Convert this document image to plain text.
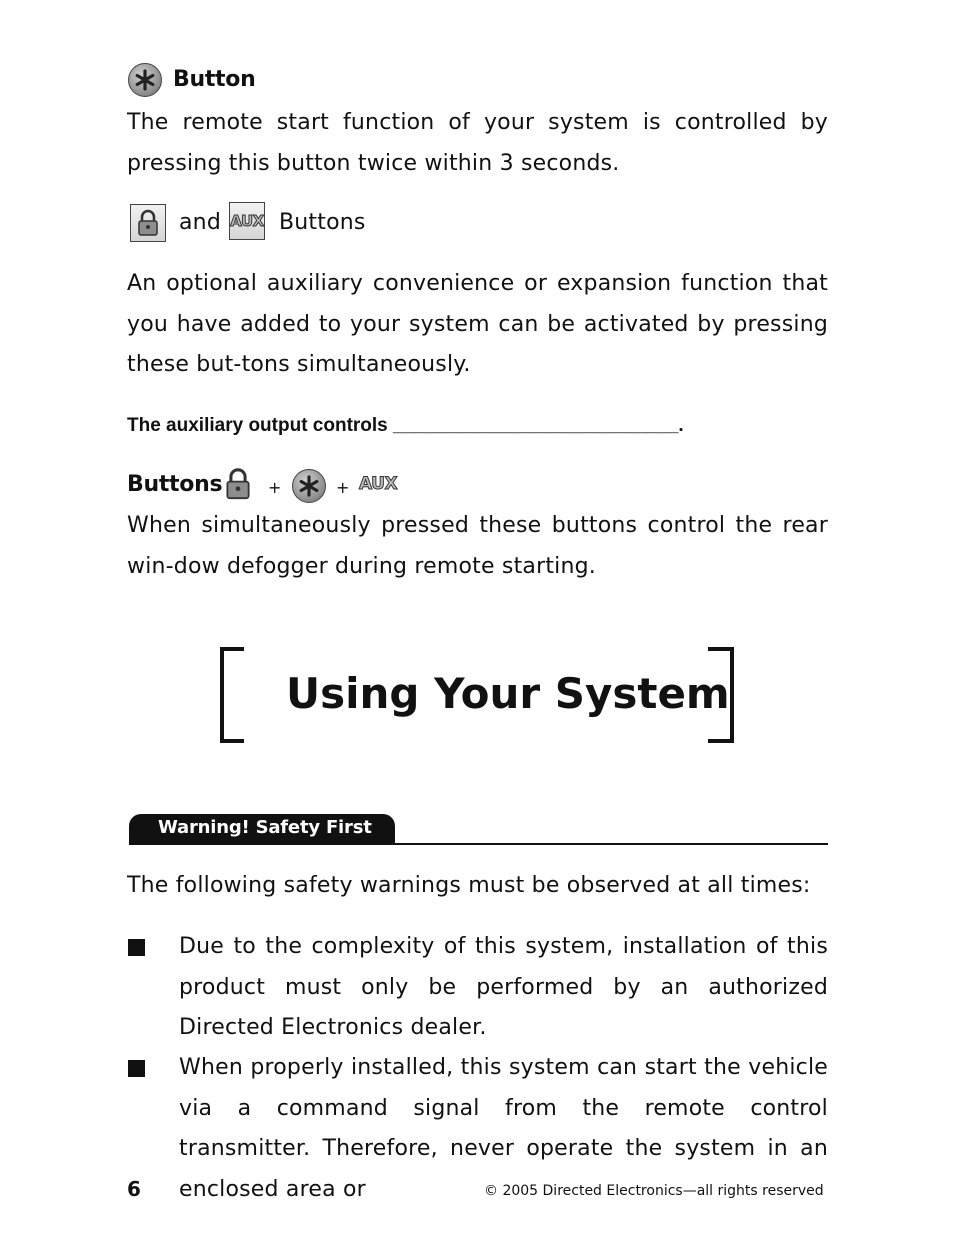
Button

The remote start function of your system is controlled by pressing this button twice within 3 seconds.

and AUX Buttons

An optional auxiliary convenience or expansion function that you have added to your system can be activated by pressing these but-tons simultaneously.

The auxiliary output controls ___________________________.
Buttons	+	+ AUX

When simultaneously pressed these buttons control the rear win-dow defogger during remote starting.

Using Your System
Warning! Safety First

The following safety warnings must be observed at all times:

Due to the complexity of this system, installation of this product must only be performed by an authorized Directed Electronics dealer.

When properly installed, this system can start the vehicle via a command signal from the remote control transmitter. Therefore, never operate the system in an enclosed area or

6	© 2005 Directed Electronics—all rights reserved
